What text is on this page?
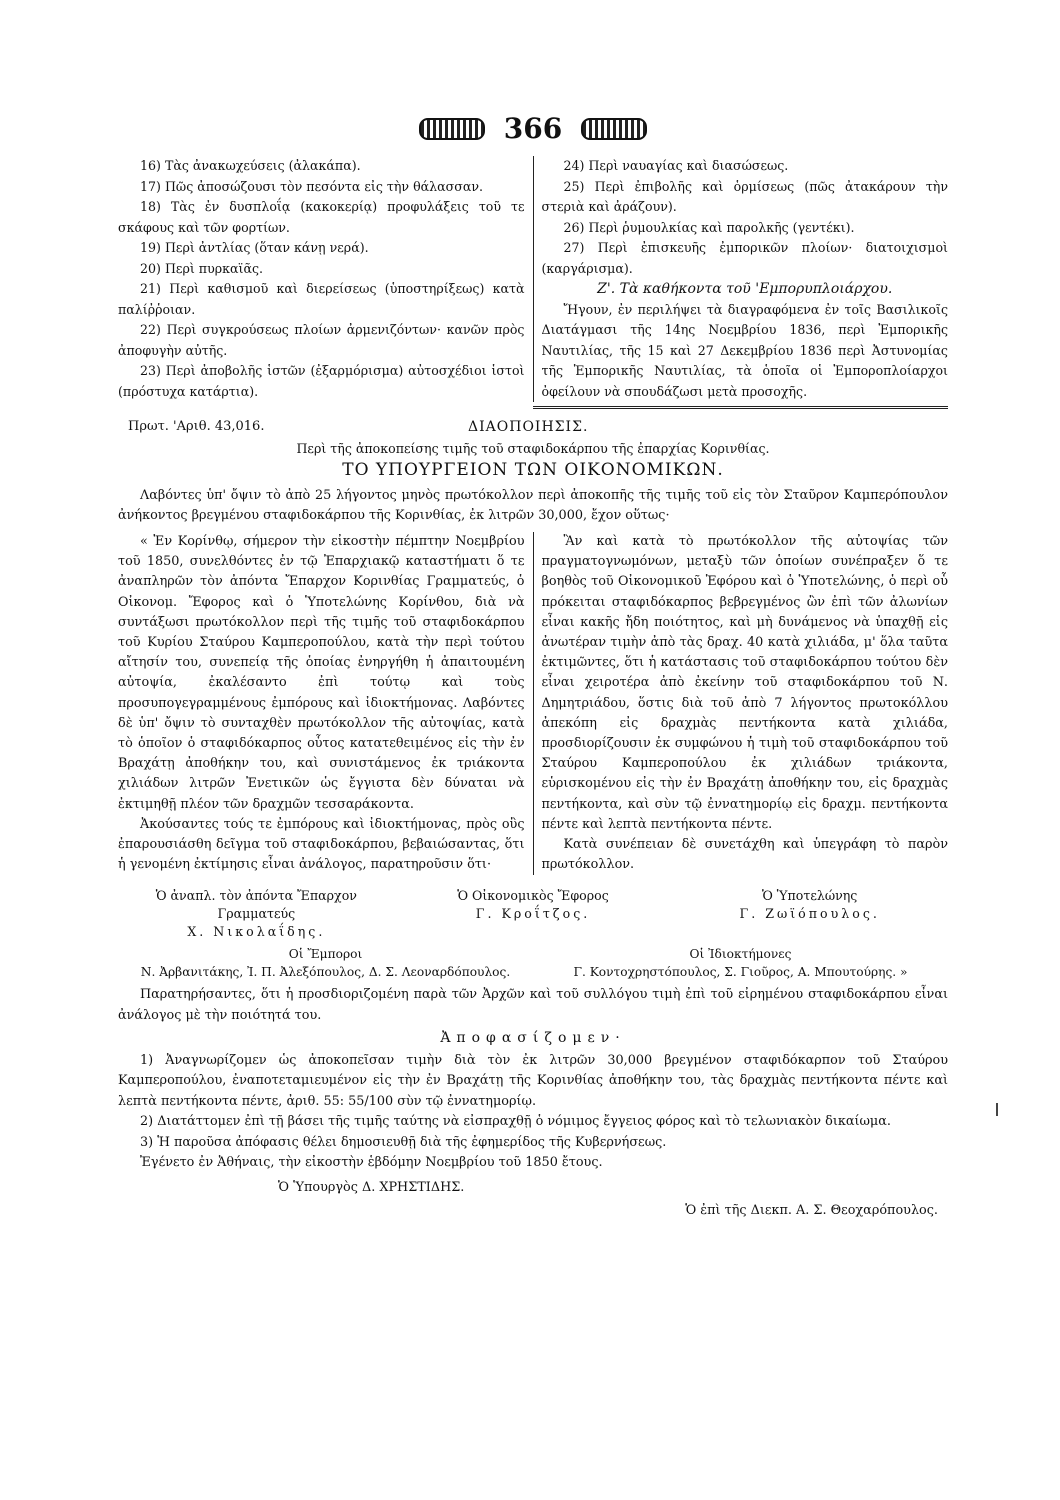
366

16) Τὰς ἀνακωχεύσεις (ἀλακάπα).

17) Πῶς ἀποσώζουσι τὸν πεσόντα εἰς τὴν θάλασσαν.

18) Τὰς ἐν δυσπλοΐᾳ (κακοκερίᾳ) προφυλάξεις τοῦ τε σκάφους καὶ τῶν φορτίων.

19) Περὶ ἀντλίας (ὅταν κάνῃ νερά).

20) Περὶ πυρκαϊᾶς.

21) Περὶ καθισμοῦ καὶ διερείσεως (ὑποστηρίξεως) κατὰ παλίῤῥοιαν.

22) Περὶ συγκρούσεως πλοίων ἀρμενιζόντων· κανῶν πρὸς ἀποφυγὴν αὐτῆς.

23) Περὶ ἀποβολῆς ἱστῶν (ἐξαρμόρισμα) αὐτοσχέδιοι ἱστοὶ (πρόστυχα κατάρτια).

24) Περὶ ναυαγίας καὶ διασώσεως.

25) Περὶ ἐπιβολῆς καὶ ὁρμίσεως (πῶς ἀτακάρουν τὴν στεριὰ καὶ ἀράζουν).

26) Περὶ ῥυμουλκίας καὶ παρολκῆς (γεντέκι).

27) Περὶ ἐπισκευῆς ἐμπορικῶν πλοίων· διατοιχισμοὶ (καργάρισμα).

Ζ'. Τὰ καθήκοντα τοῦ 'Εμπορυπλοιάρχου.

Ἤγουν, ἐν περιλήψει τὰ διαγραφόμενα ἐν τοῖς Βασιλικοῖς Διατάγμασι τῆς 14ης Νοεμβρίου 1836, περὶ Ἐμπορικῆς Ναυτιλίας, τῆς 15 καὶ 27 Δεκεμβρίου 1836 περὶ Ἀστυνομίας τῆς Ἐμπορικῆς Ναυτιλίας, τὰ ὁποῖα οἱ Ἐμποροπλοίαρχοι ὀφείλουν νὰ σπουδάζωσι μετὰ προσοχῆς.

Πρωτ. 'Αριθ. 43,016.	ΔΙΑΟΠΟΙΗΣΙΣ.
Περὶ τῆς ἀποκοπείσης τιμῆς τοῦ σταφιδοκάρπου τῆς ἐπαρχίας Κορινθίας.
ΤΟ ΥΠΟΥΡΓΕΙΟΝ ΤΩΝ ΟΙΚΟΝΟΜΙΚΩΝ.

Λαβόντες ὑπ' ὄψιν τὸ ἀπὸ 25 λήγοντος μηνὸς πρωτόκολλον περὶ ἀποκοπῆς τῆς τιμῆς τοῦ εἰς τὸν Σταῦρον Καμπερόπουλον ἀνήκοντος βρεγμένου σταφιδοκάρπου τῆς Κορινθίας, ἐκ λιτρῶν 30,000, ἔχον οὕτως·

« Ἐν Κορίνθῳ, σήμερον τὴν εἰκοστὴν πέμπτην Νοεμβρίου τοῦ 1850, συνελθόντες ἐν τῷ Ἐπαρχιακῷ καταστήματι ὅ τε ἀναπληρῶν τὸν ἀπόντα Ἔπαρχον Κορινθίας Γραμματεύς, ὁ Οἰκονομ. Ἔφορος καὶ ὁ Ὑποτελώνης Κορίνθου, διὰ νὰ συντάξωσι πρωτόκολλον περὶ τῆς τιμῆς τοῦ σταφιδοκάρπου τοῦ Κυρίου Σταύρου Καμπεροπούλου, κατὰ τὴν περὶ τούτου αἴτησίν του, συνεπείᾳ τῆς ὁποίας ἐνηργήθη ἡ ἀπαιτουμένη αὐτοψία, ἐκαλέσαντο ἐπὶ τούτῳ καὶ τοὺς προσυπογεγραμμένους ἐμπόρους καὶ ἰδιοκτήμονας. Λαβόντες δὲ ὑπ' ὄψιν τὸ συνταχθὲν πρωτόκολλον τῆς αὐτοψίας, κατὰ τὸ ὁποῖον ὁ σταφιδόκαρπος οὗτος κατατεθειμένος εἰς τὴν ἐν Βραχάτῃ ἀποθήκην του, καὶ συνιστάμενος ἐκ τριάκοντα χιλιάδων λιτρῶν Ἐνετικῶν ὡς ἔγγιστα δὲν δύναται νὰ ἐκτιμηθῇ πλέον τῶν δραχμῶν τεσσαράκοντα.

Ἀκούσαντες τούς τε ἐμπόρους καὶ ἰδιοκτήμονας, πρὸς οὓς ἐπαρουσιάσθη δεῖγμα τοῦ σταφιδοκάρπου, βεβαιώσαντας, ὅτι ἡ γενομένη ἐκτίμησις εἶναι ἀνάλογος, παρατηροῦσιν ὅτι·

Ἂν καὶ κατὰ τὸ πρωτόκολλον τῆς αὐτοψίας τῶν πραγματογνωμόνων, μεταξὺ τῶν ὁποίων συνέπραξεν ὅ τε βοηθὸς τοῦ Οἰκονομικοῦ Ἐφόρου καὶ ὁ Ὑποτελώνης, ὁ περὶ οὗ πρόκειται σταφιδόκαρπος βεβρεγμένος ὢν ἐπὶ τῶν ἀλωνίων εἶναι κακῆς ἤδη ποιότητος, καὶ μὴ δυνάμενος νὰ ὑπαχθῇ εἰς ἀνωτέραν τιμὴν ἀπὸ τὰς δραχ. 40 κατὰ χιλιάδα, μ' ὅλα ταῦτα ἐκτιμῶντες, ὅτι ἡ κατάστασις τοῦ σταφιδοκάρπου τούτου δὲν εἶναι χειροτέρα ἀπὸ ἐκείνην τοῦ σταφιδοκάρπου τοῦ Ν. Δημητριάδου, ὅστις διὰ τοῦ ἀπὸ 7 λήγοντος πρωτοκόλλου ἀπεκόπη εἰς δραχμὰς πεντήκοντα κατὰ χιλιάδα, προσδιορίζουσιν ἐκ συμφώνου ἡ τιμὴ τοῦ σταφιδοκάρπου τοῦ Σταύρου Καμπεροπούλου ἐκ χιλιάδων τριάκοντα, εὑρισκομένου εἰς τὴν ἐν Βραχάτῃ ἀποθήκην του, εἰς δραχμὰς πεντήκοντα, καὶ σὺν τῷ ἐννατημορίῳ εἰς δραχμ. πεντήκοντα πέντε καὶ λεπτὰ πεντήκοντα πέντε.

Κατὰ συνέπειαν δὲ συνετάχθη καὶ ὑπεγράφη τὸ παρὸν πρωτόκολλον.

Ὁ ἀναπλ. τὸν ἀπόντα Ἔπαρχον Γραμματεύς
Χ. Νικολαΐδης.
Ὁ Οἰκονομικὸς Ἔφορος
Γ. Κροΐτζος.
Ὁ Ὑποτελώνης
Γ. Ζωϊόπουλος.
Οἱ Ἔμποροι
Ν. Ἀρβανιτάκης, Ἰ. Π. Ἀλεξόπουλος, Δ. Σ. Λεοναρδόπουλος.
Οἱ Ἰδιοκτήμονες
Γ. Κοντοχρηστόπουλος, Σ. Γιοῦρος, Α. Μπουτούρης. »

Παρατηρήσαντες, ὅτι ἡ προσδιοριζομένη παρὰ τῶν Ἀρχῶν καὶ τοῦ συλλόγου τιμὴ ἐπὶ τοῦ εἰρημένου σταφιδοκάρπου εἶναι ἀνάλογος μὲ τὴν ποιότητά του.

Ἀποφασίζομεν·

1) Ἀναγνωρίζομεν ὡς ἀποκοπεῖσαν τιμὴν διὰ τὸν ἐκ λιτρῶν 30,000 βρεγμένον σταφιδόκαρπον τοῦ Σταύρου Καμπεροπούλου, ἐναποτεταμιευμένον εἰς τὴν ἐν Βραχάτῃ τῆς Κορινθίας ἀποθήκην του, τὰς δραχμὰς πεντήκοντα πέντε καὶ λεπτὰ πεντήκοντα πέντε, ἀριθ. 55: 55/100 σὺν τῷ ἐννατημορίῳ.

2) Διατάττομεν ἐπὶ τῇ βάσει τῆς τιμῆς ταύτης νὰ εἰσπραχθῇ ὁ νόμιμος ἔγγειος φόρος καὶ τὸ τελωνιακὸν δικαίωμα.

3) Ἡ παροῦσα ἀπόφασις θέλει δημοσιευθῇ διὰ τῆς ἐφημερίδος τῆς Κυβερνήσεως.

Ἐγένετο ἐν Ἀθήναις, τὴν εἰκοστὴν ἑβδόμην Νοεμβρίου τοῦ 1850 ἔτους.

Ὁ Ὑπουργὸς Δ. ΧΡΗΣΤΙΔΗΣ.
Ὁ ἐπὶ τῆς Διεκπ. Α. Σ. Θεοχαρόπουλος.
